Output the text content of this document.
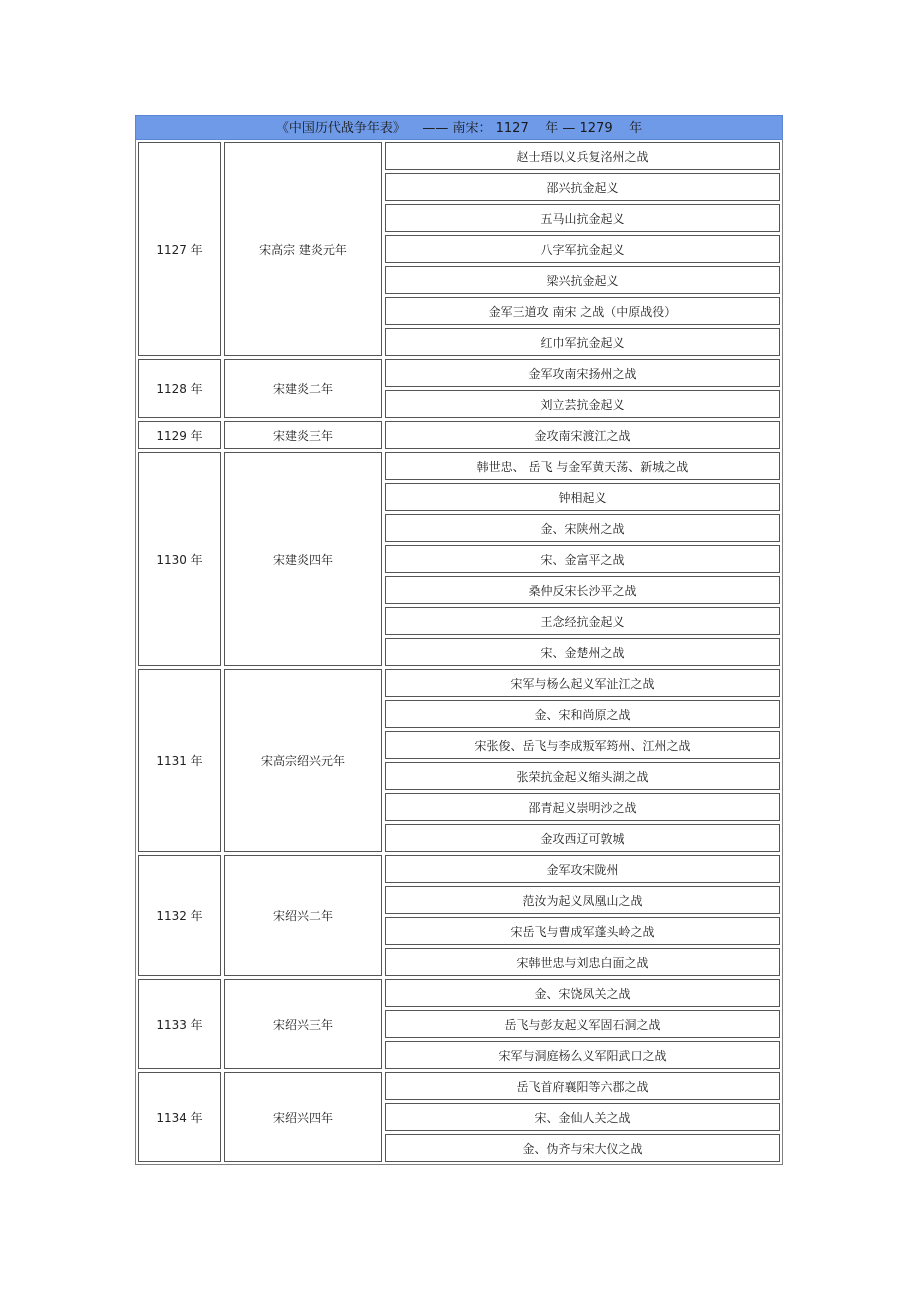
《中国历代战争年表》    —— 南宋： 1127    年 — 1279    年
1127 年	宋高宗 建炎元年
赵士珸以义兵复洺州之战
邵兴抗金起义
五马山抗金起义
八字军抗金起义
梁兴抗金起义
金军三道攻 南宋 之战（中原战役）
红巾军抗金起义
1128 年	宋建炎二年
金军攻南宋扬州之战
刘立芸抗金起义
1129 年	宋建炎三年	金攻南宋渡江之战
1130 年	宋建炎四年
韩世忠、 岳飞 与金军黄天荡、新城之战
钟相起义
金、宋陕州之战
宋、金富平之战
桑仲反宋长沙平之战
王念经抗金起义
宋、金楚州之战
1131 年	宋高宗绍兴元年
宋军与杨么起义军沚江之战
金、宋和尚原之战
宋张俊、岳飞与李成叛军筠州、江州之战
张荣抗金起义缩头湖之战
邵青起义崇明沙之战
金攻西辽可敦城
1132 年	宋绍兴二年
金军攻宋陇州
范汝为起义凤凰山之战
宋岳飞与曹成军蓬头岭之战
宋韩世忠与刘忠白面之战
1133 年	宋绍兴三年
金、宋饶凤关之战
岳飞与彭友起义军固石洞之战
宋军与洞庭杨么义军阳武口之战
1134 年	宋绍兴四年
岳飞首府襄阳等六郡之战
宋、金仙人关之战
金、伪齐与宋大仪之战
